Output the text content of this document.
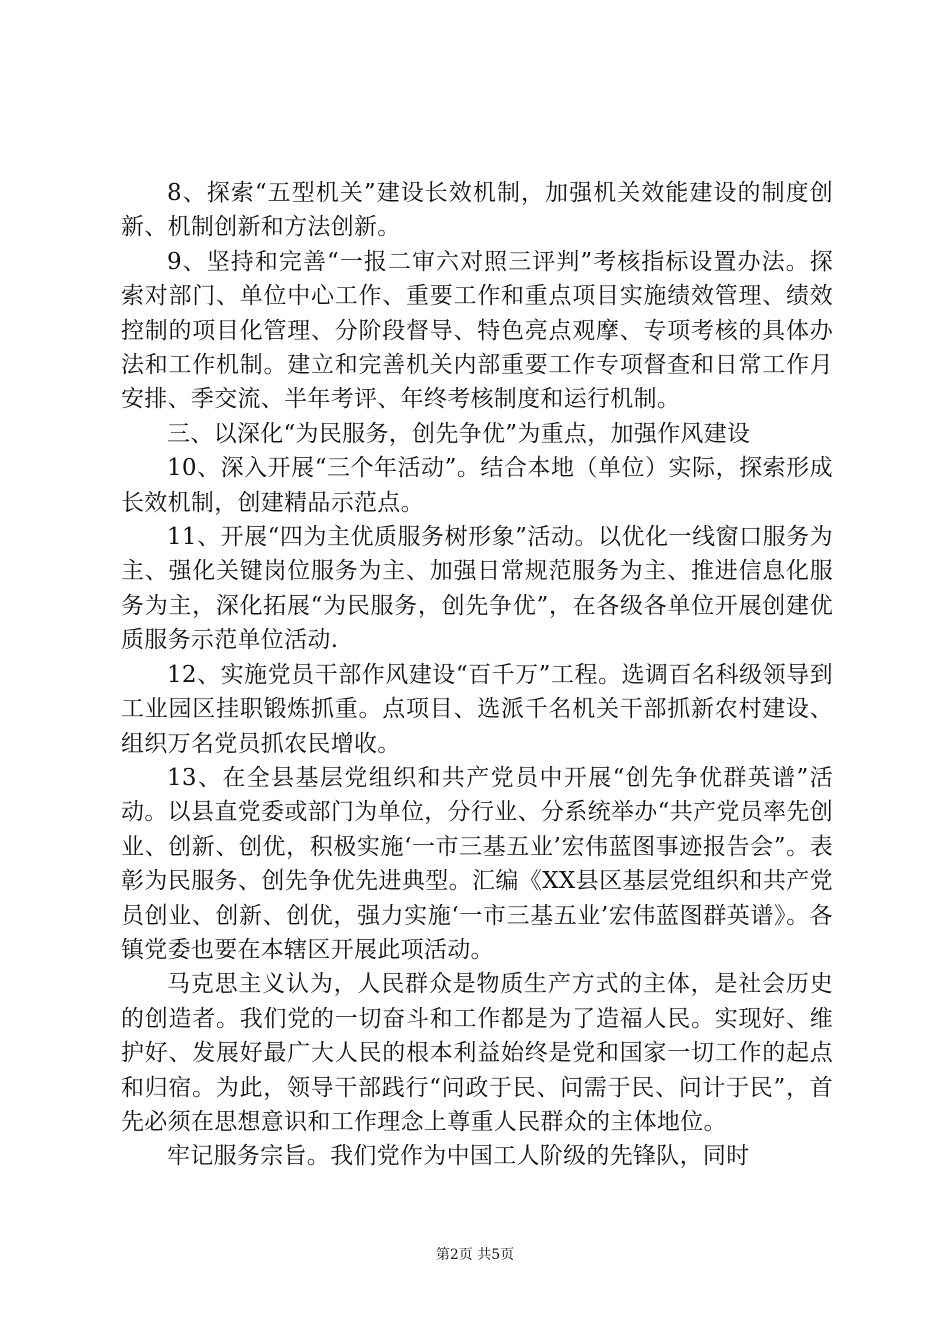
8、探索“五型机关”建设长效机制，加强机关效能建设的制度创新、机制创新和方法创新。

9、坚持和完善“一报二审六对照三评判”考核指标设置办法。探索对部门、单位中心工作、重要工作和重点项目实施绩效管理、绩效控制的项目化管理、分阶段督导、特色亮点观摩、专项考核的具体办法和工作机制。建立和完善机关内部重要工作专项督查和日常工作月安排、季交流、半年考评、年终考核制度和运行机制。

三、以深化“为民服务，创先争优”为重点，加强作风建设

10、深入开展“三个年活动”。结合本地（单位）实际，探索形成长效机制，创建精品示范点。

11、开展“四为主优质服务树形象”活动。以优化一线窗口服务为主、强化关键岗位服务为主、加强日常规范服务为主、推进信息化服务为主，深化拓展“为民服务，创先争优”，在各级各单位开展创建优质服务示范单位活动.

12、实施党员干部作风建设“百千万”工程。选调百名科级领导到工业园区挂职锻炼抓重。点项目、选派千名机关干部抓新农村建设、组织万名党员抓农民增收。

13、在全县基层党组织和共产党员中开展“创先争优群英谱”活动。以县直党委或部门为单位，分行业、分系统举办“共产党员率先创业、创新、创优，积极实施‘一市三基五业’宏伟蓝图事迹报告会”。表彰为民服务、创先争优先进典型。汇编《XX县区基层党组织和共产党员创业、创新、创优，强力实施‘一市三基五业’宏伟蓝图群英谱》。各镇党委也要在本辖区开展此项活动。

马克思主义认为，人民群众是物质生产方式的主体，是社会历史的创造者。我们党的一切奋斗和工作都是为了造福人民。实现好、维护好、发展好最广大人民的根本利益始终是党和国家一切工作的起点和归宿。为此，领导干部践行“问政于民、问需于民、问计于民”，首先必须在思想意识和工作理念上尊重人民群众的主体地位。

牢记服务宗旨。我们党作为中国工人阶级的先锋队，同时

第2页 共5页
